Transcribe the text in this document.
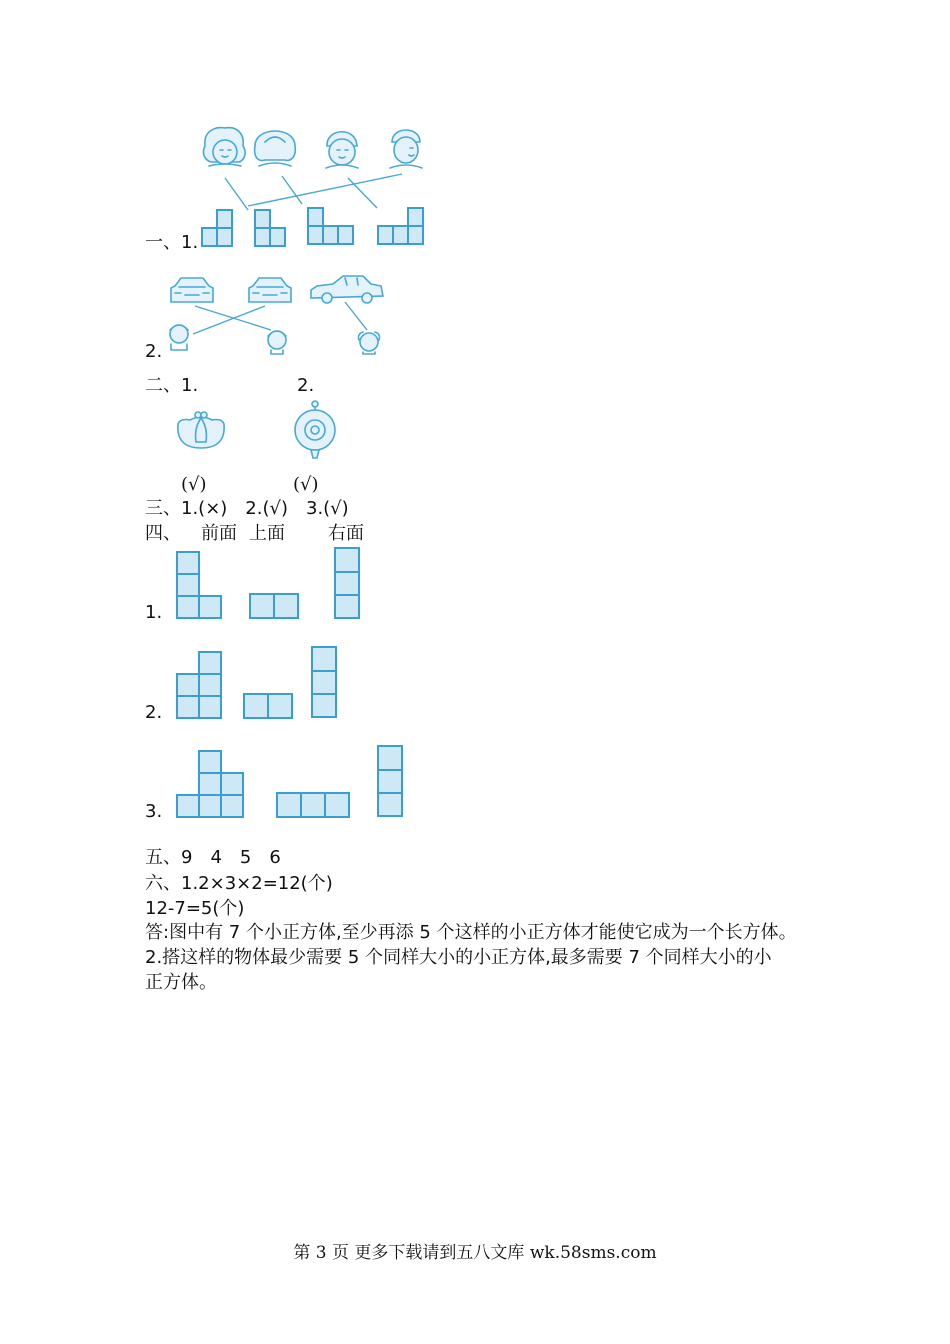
一、1.
2.
二、1.	2.
(√)	(√)
三、1.(×)　2.(√)　3.(√)
四、 前面 上面 右面
1.
2.
3.
五、9　4　5　6
六、1.2×3×2=12(个)
12-7=5(个)
答:图中有 7 个小正方体,至少再添 5 个这样的小正方体才能使它成为一个长方体。
2.搭这样的物体最少需要 5 个同样大小的小正方体,最多需要 7 个同样大小的小
正方体。
第 3 页 更多下载请到五八文库 wk.58sms.com
